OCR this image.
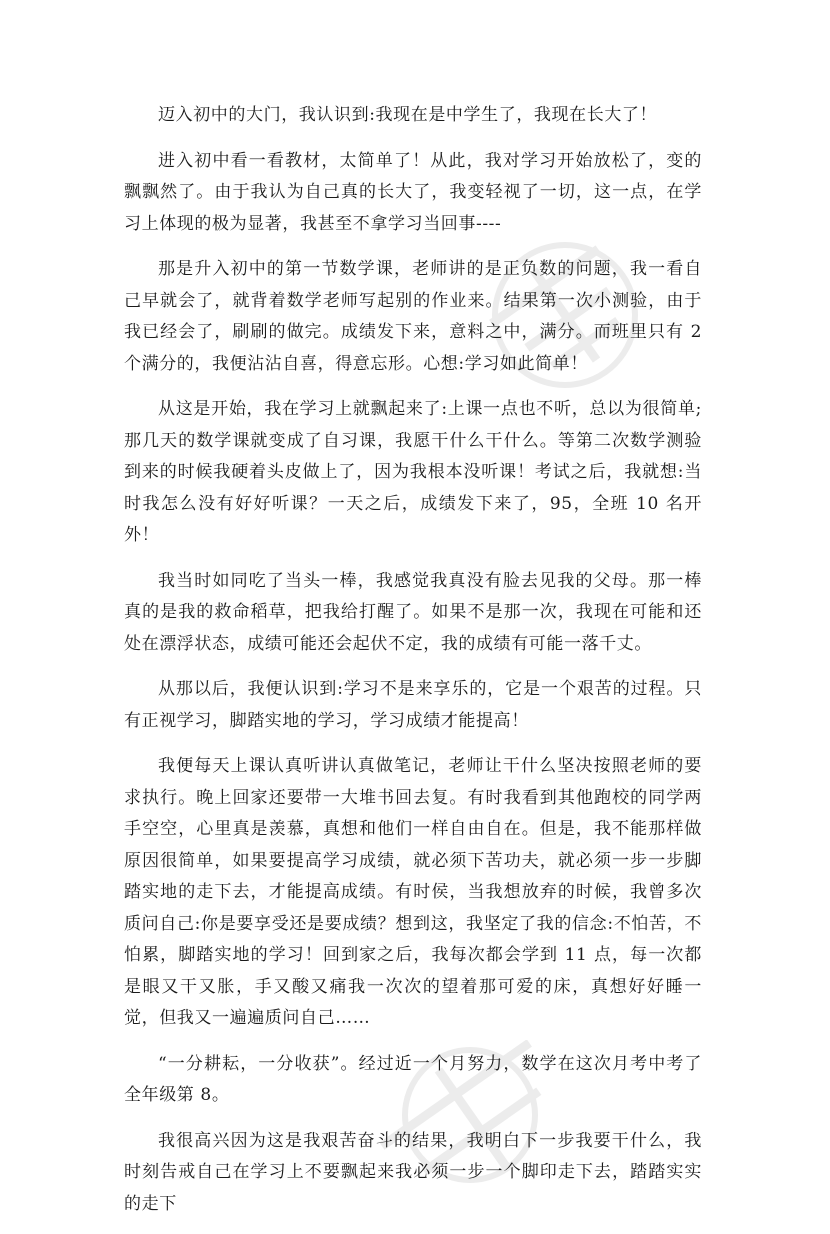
迈入初中的大门，我认识到:我现在是中学生了，我现在长大了！

进入初中看一看教材，太简单了！从此，我对学习开始放松了，变的飘飘然了。由于我认为自己真的长大了，我变轻视了一切，这一点，在学习上体现的极为显著，我甚至不拿学习当回事----

那是升入初中的第一节数学课，老师讲的是正负数的问题，我一看自己早就会了，就背着数学老师写起别的作业来。结果第一次小测验，由于我已经会了，刷刷的做完。成绩发下来，意料之中，满分。而班里只有 2 个满分的，我便沾沾自喜，得意忘形。心想:学习如此简单！

从这是开始，我在学习上就飘起来了:上课一点也不听，总以为很简单;那几天的数学课就变成了自习课，我愿干什么干什么。等第二次数学测验到来的时候我硬着头皮做上了，因为我根本没听课！考试之后，我就想:当时我怎么没有好好听课？一天之后，成绩发下来了，95，全班 10 名开外！

我当时如同吃了当头一棒，我感觉我真没有脸去见我的父母。那一棒真的是我的救命稻草，把我给打醒了。如果不是那一次，我现在可能和还处在漂浮状态，成绩可能还会起伏不定，我的成绩有可能一落千丈。

从那以后，我便认识到:学习不是来享乐的，它是一个艰苦的过程。只有正视学习，脚踏实地的学习，学习成绩才能提高！

我便每天上课认真听讲认真做笔记，老师让干什么坚决按照老师的要求执行。晚上回家还要带一大堆书回去复。有时我看到其他跑校的同学两手空空，心里真是羡慕，真想和他们一样自由自在。但是，我不能那样做原因很简单，如果要提高学习成绩，就必须下苦功夫，就必须一步一步脚踏实地的走下去，才能提高成绩。有时侯，当我想放弃的时候，我曾多次质问自己:你是要享受还是要成绩？想到这，我坚定了我的信念:不怕苦，不怕累，脚踏实地的学习！回到家之后，我每次都会学到 11 点，每一次都是眼又干又胀，手又酸又痛我一次次的望着那可爱的床，真想好好睡一觉，但我又一遍遍质问自己……

“一分耕耘，一分收获”。经过近一个月努力，数学在这次月考中考了全年级第 8。

我很高兴因为这是我艰苦奋斗的结果，我明白下一步我要干什么，我时刻告戒自己在学习上不要飘起来我必须一步一个脚印走下去，踏踏实实的走下
